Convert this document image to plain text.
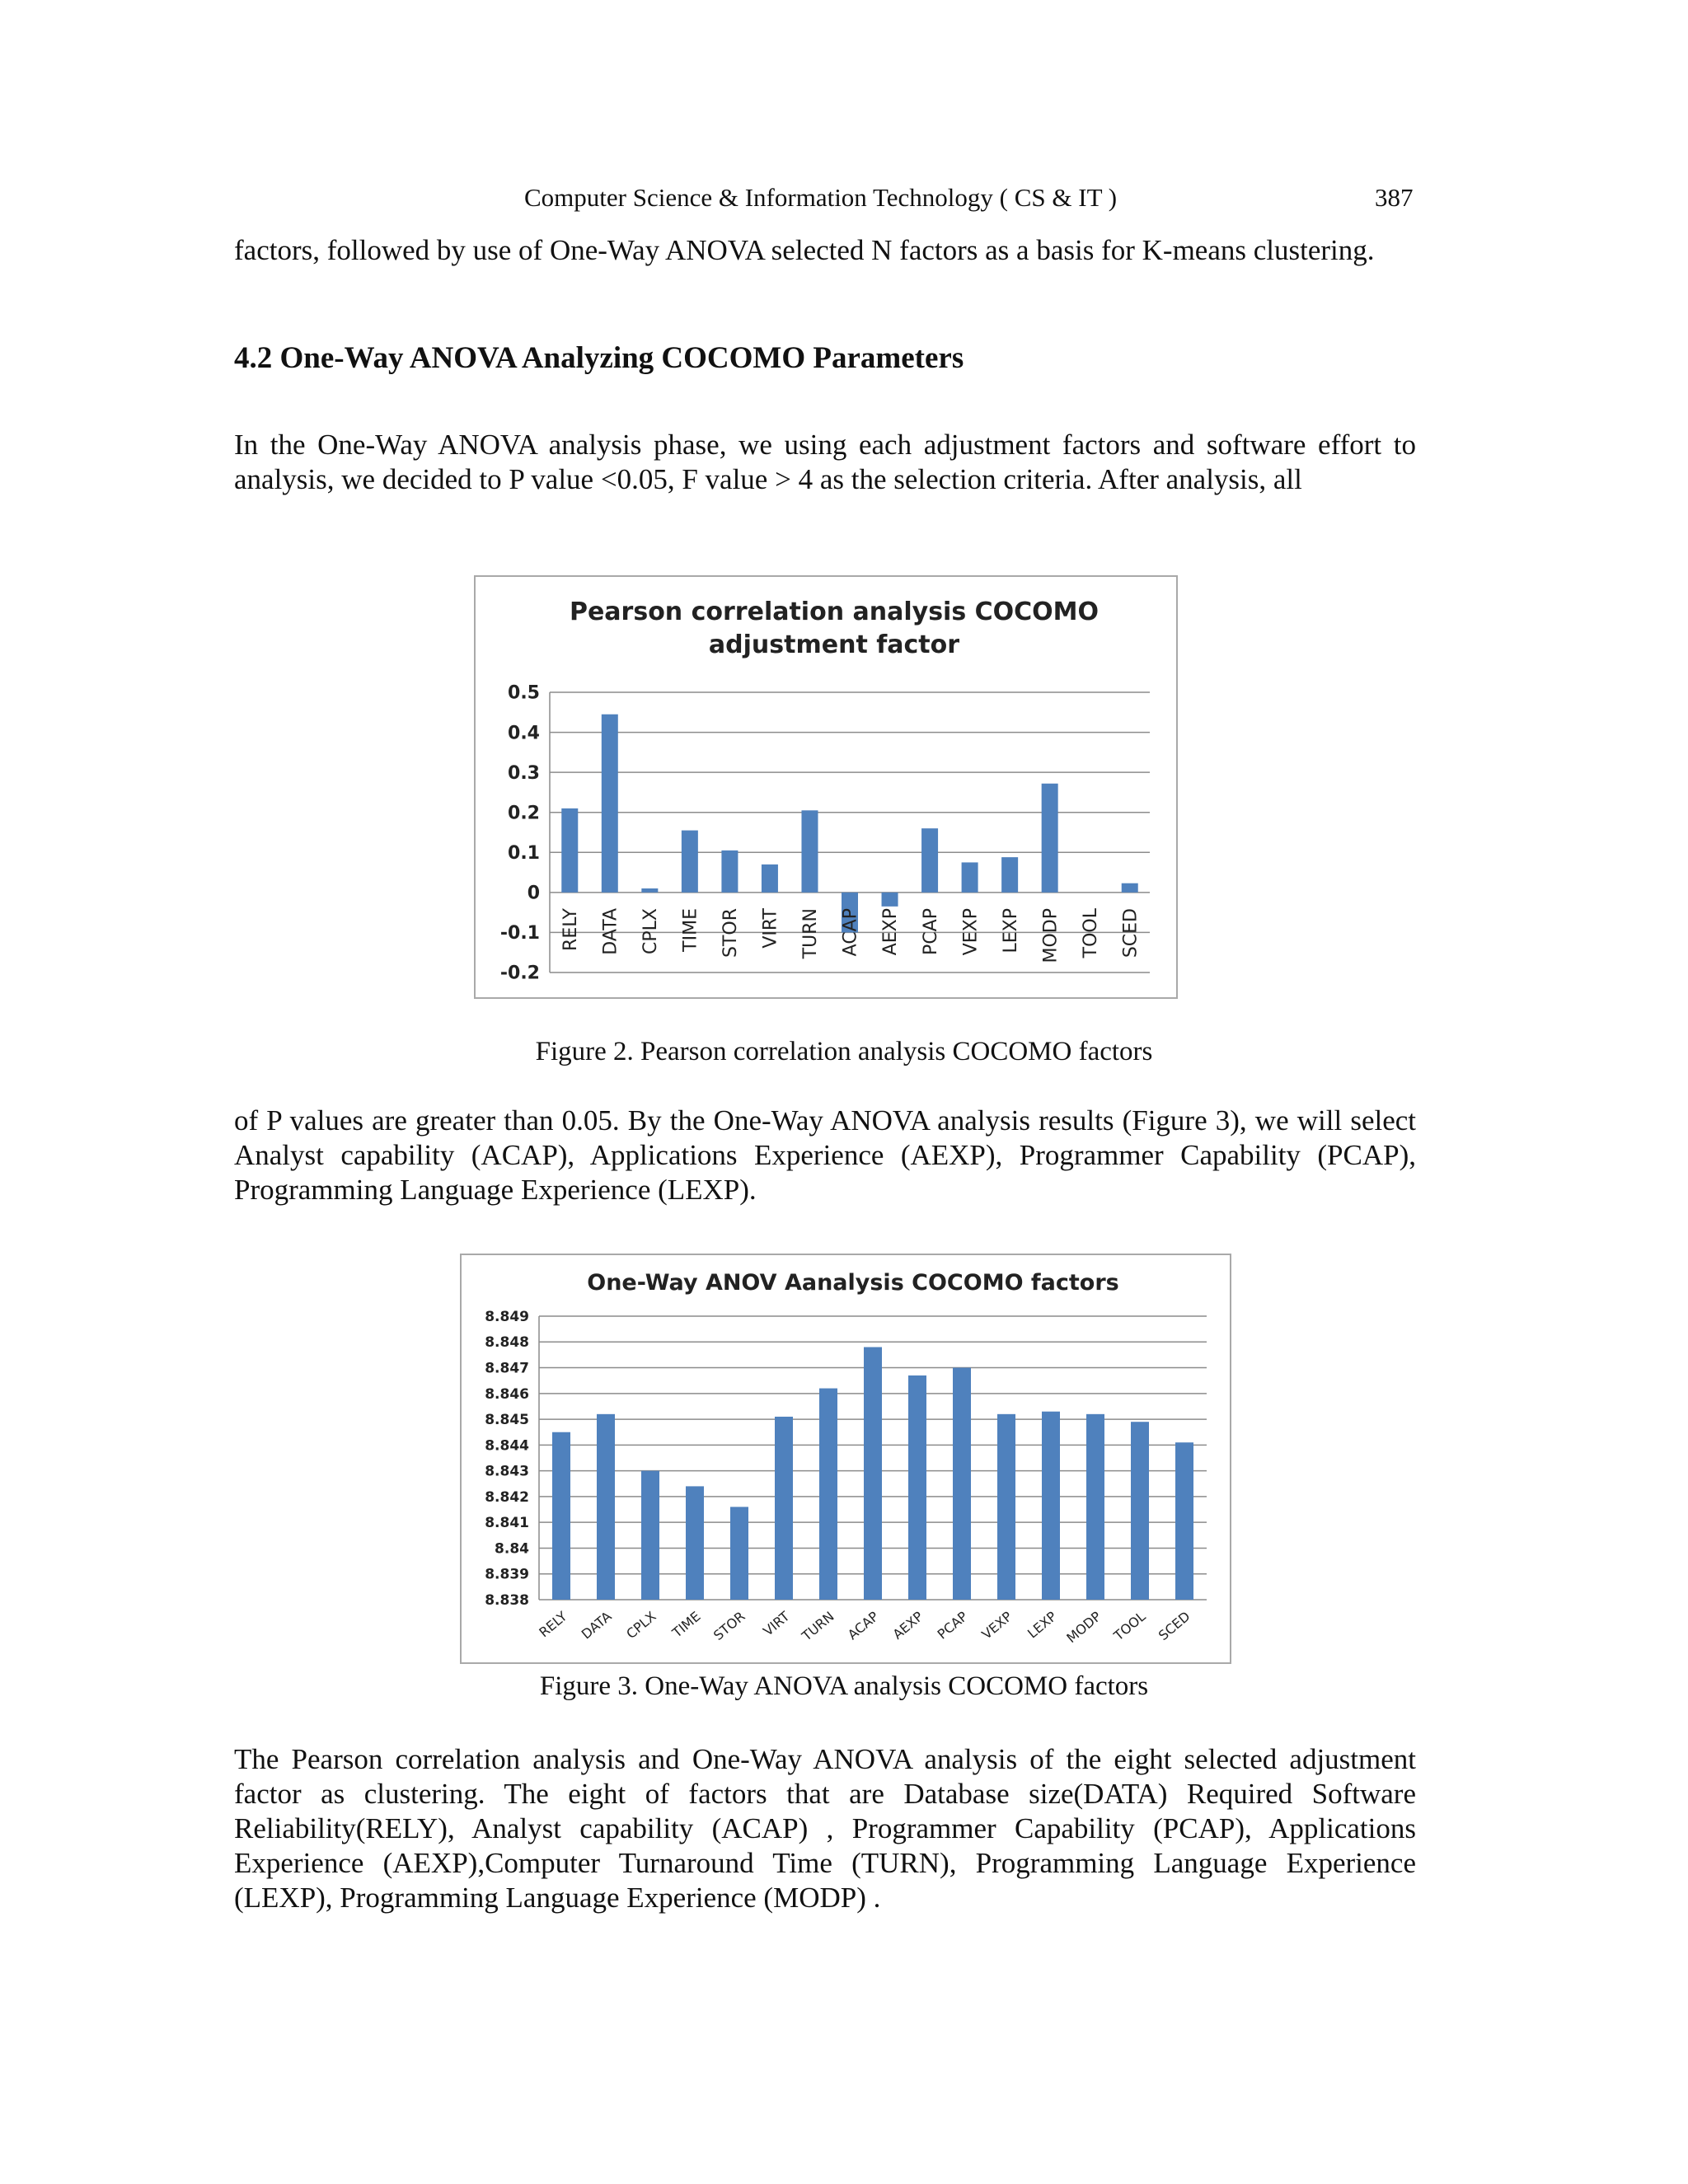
Computer Science & Information Technology ( CS & IT )	387

factors, followed by use of One-Way ANOVA selected N factors as a basis for K-means clustering.

4.2 One-Way ANOVA Analyzing COCOMO Parameters

In the One-Way ANOVA analysis phase, we using each adjustment factors and software effort to analysis, we decided to P value <0.05, F value > 4 as the selection criteria. After analysis, all

Pearson correlation analysis COCOMO
adjustment factor
0.5
0.4
0.3
0.2
0.1
0
-0.1
-0.2
RELY DATA CPLX TIME STOR VIRT TURN ACAP AEXP PCAP VEXP LEXP MODP TOOL SCED
Figure 2. Pearson correlation analysis COCOMO factors

of P values are greater than 0.05. By the One-Way ANOVA analysis results (Figure 3), we will select Analyst capability (ACAP), Applications Experience (AEXP), Programmer Capability (PCAP), Programming Language Experience (LEXP).

One-Way ANOV Aanalysis COCOMO factors
8.849
8.848
8.847
8.846
8.845
8.844
8.843
8.842
8.841
8.84
8.839
8.838
RELY DATA CPLX TIME STOR VIRT TURN ACAP AEXP PCAP VEXP LEXP MODP TOOL SCED
Figure 3. One-Way ANOVA analysis COCOMO factors

The Pearson correlation analysis and One-Way ANOVA analysis of the eight selected adjustment factor as clustering. The eight of factors that are Database size(DATA) Required Software Reliability(RELY), Analyst capability (ACAP) , Programmer Capability (PCAP), Applications Experience (AEXP),Computer Turnaround Time (TURN), Programming Language Experience (LEXP), Programming Language Experience (MODP) .
